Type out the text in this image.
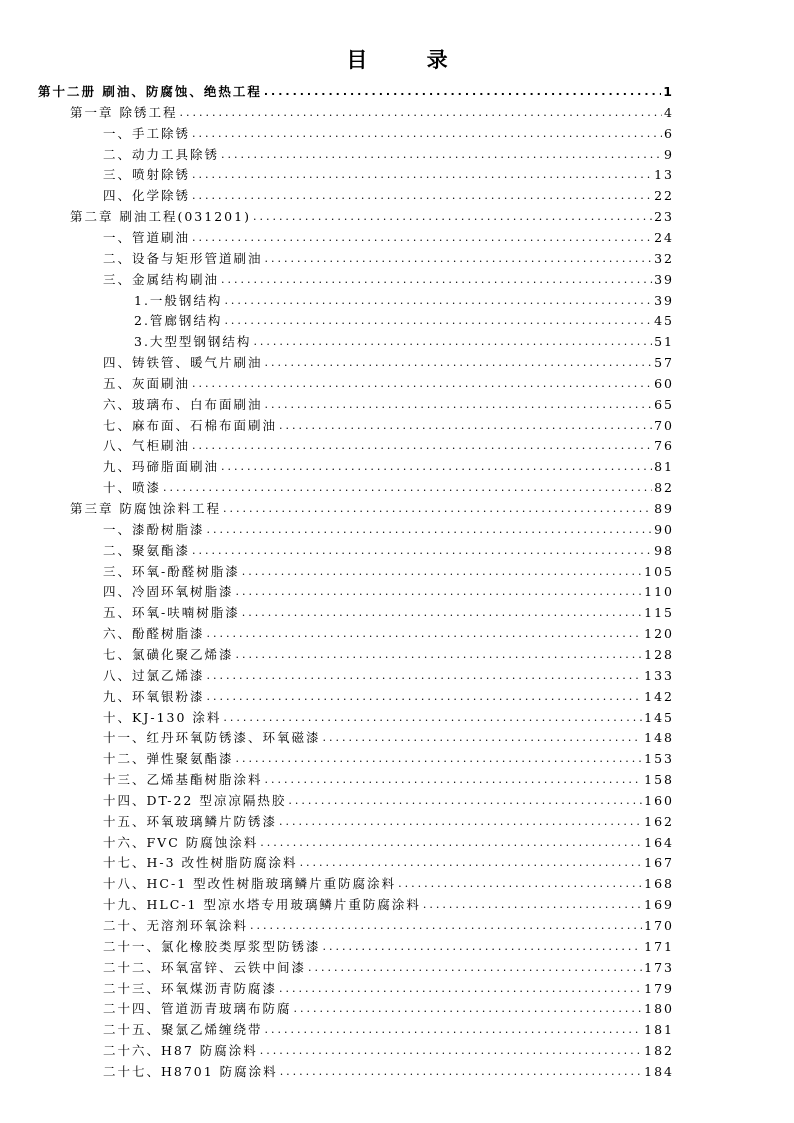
目 录
第十二册 刷油、防腐蚀、绝热工程 .....	1
第一章 除锈工程 .....	4
一、手工除锈 .....	6
二、动力工具除锈 .....	9
三、喷射除锈 .....	13
四、化学除锈 .....	22
第二章 刷油工程(031201) .....	23
一、管道刷油 .....	24
二、设备与矩形管道刷油 .....	32
三、金属结构刷油 .....	39
1.一般钢结构 .....	39
2.管廊钢结构 .....	45
3.大型型钢钢结构 .....	51
四、铸铁管、暖气片刷油 .....	57
五、灰面刷油 .....	60
六、玻璃布、白布面刷油 .....	65
七、麻布面、石棉布面刷油 .....	70
八、气柜刷油 .....	76
九、玛碲脂面刷油 .....	81
十、喷漆 .....	82
第三章 防腐蚀涂料工程 .....	89
一、漆酚树脂漆 .....	90
二、聚氨酯漆 .....	98
三、环氧-酚醛树脂漆 .....	105
四、冷固环氧树脂漆 .....	110
五、环氧-呋喃树脂漆 .....	115
六、酚醛树脂漆 .....	120
七、氯磺化聚乙烯漆 .....	128
八、过氯乙烯漆 .....	133
九、环氧银粉漆 .....	142
十、KJ-130 涂料 .....	145
十一、红丹环氧防锈漆、环氧磁漆 .....	148
十二、弹性聚氨酯漆 .....	153
十三、乙烯基酯树脂涂料 .....	158
十四、DT-22 型凉凉隔热胶 .....	160
十五、环氧玻璃鳞片防锈漆 .....	162
十六、FVC 防腐蚀涂料 .....	164
十七、H-3 改性树脂防腐涂料 .....	167
十八、HC-1 型改性树脂玻璃鳞片重防腐涂料 .....	168
十九、HLC-1 型凉水塔专用玻璃鳞片重防腐涂料 .....	169
二十、无溶剂环氧涂料 .....	170
二十一、氯化橡胶类厚浆型防锈漆 .....	171
二十二、环氧富锌、云铁中间漆 .....	173
二十三、环氧煤沥青防腐漆 .....	179
二十四、管道沥青玻璃布防腐 .....	180
二十五、聚氯乙烯缠绕带 .....	181
二十六、H87 防腐涂料 .....	182
二十七、H8701 防腐涂料 .....	184
